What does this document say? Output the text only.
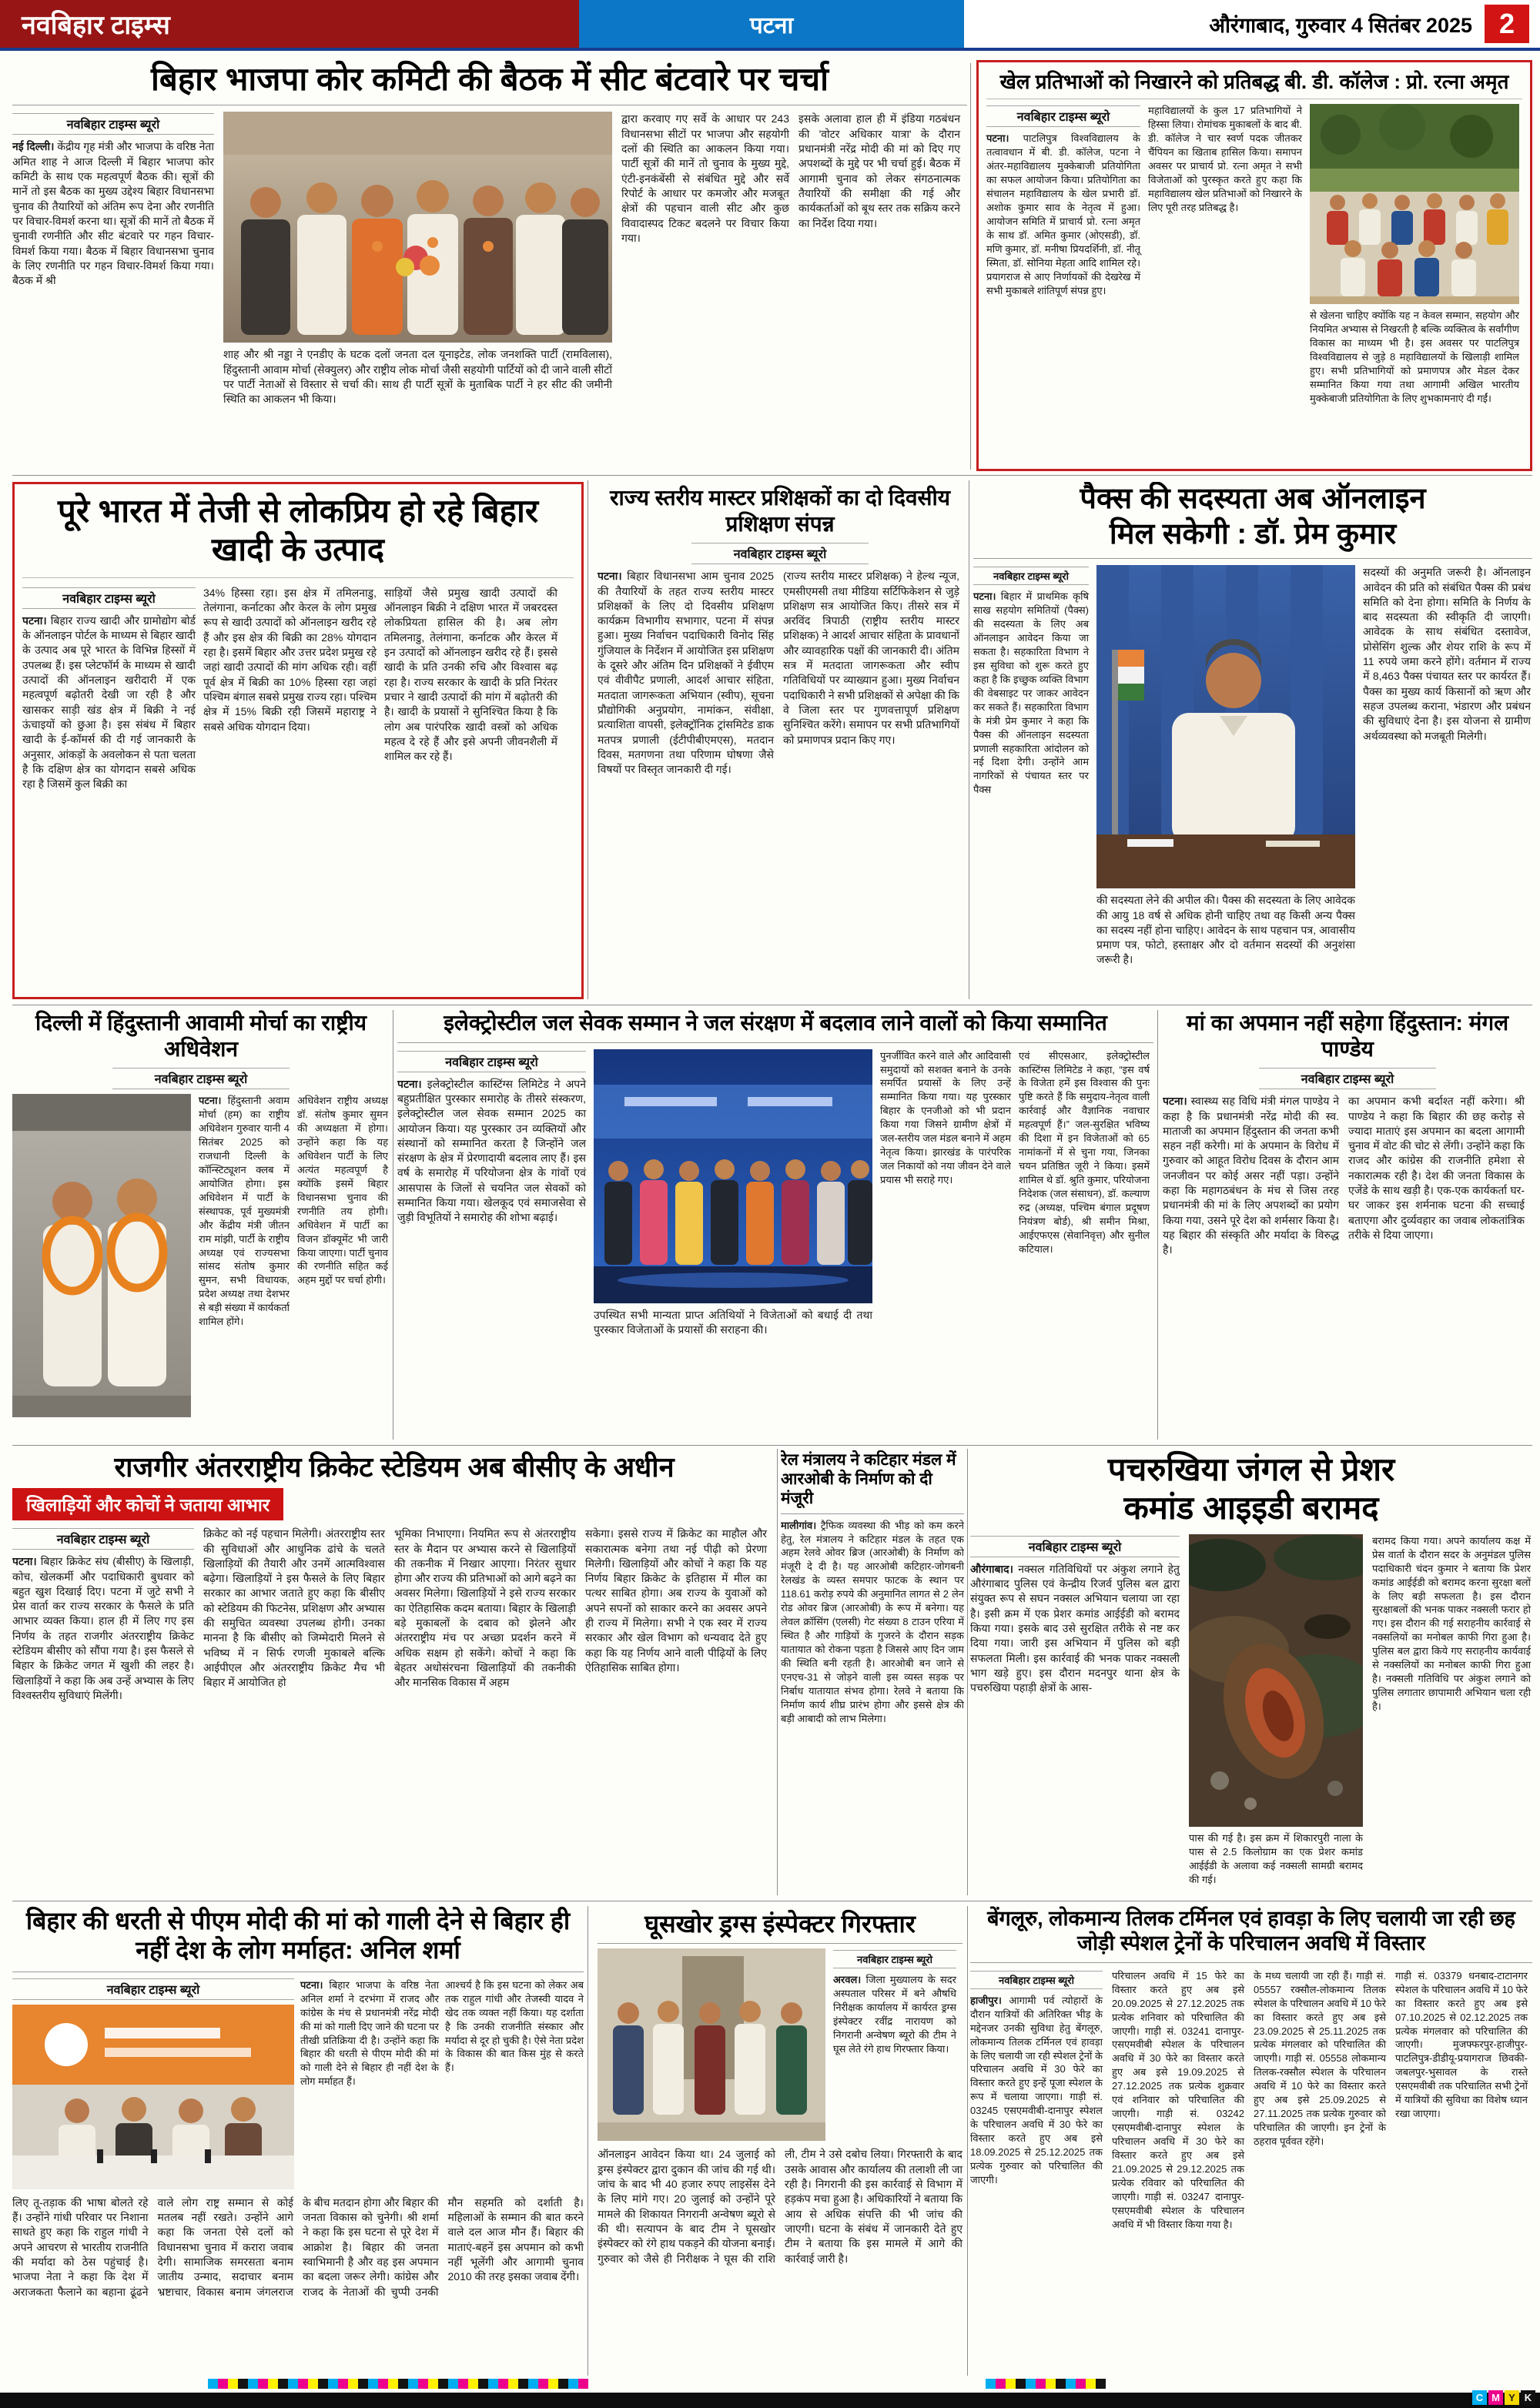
नवबिहार टाइम्स	पटना	औरंगाबाद, गुरुवार 4 सितंबर 2025 2
बिहार भाजपा कोर कमिटी की बैठक में सीट बंटवारे पर चर्चा
नवबिहार टाइम्स ब्यूरो
नई दिल्ली। केंद्रीय गृह मंत्री और भाजपा के वरिष्ठ नेता अमित शाह ने आज दिल्ली में बिहार भाजपा कोर कमिटी के साथ एक महत्वपूर्ण बैठक की। सूत्रों की मानें तो इस बैठक का मुख्य उद्देश्य बिहार विधानसभा चुनाव की तैयारियों को अंतिम रूप देना और रणनीति पर विचार-विमर्श करना था। सूत्रों की मानें तो बैठक में चुनावी रणनीति और सीट बंटवारे पर गहन विचार-विमर्श किया गया। बैठक में बिहार विधानसभा चुनाव के लिए रणनीति पर गहन विचार-विमर्श किया गया। बैठक में श्री
शाह और श्री नड्डा ने एनडीए के घटक दलों जनता दल यूनाइटेड, लोक जनशक्ति पार्टी (रामविलास), हिंदुस्तानी आवाम मोर्चा (सेक्युलर) और राष्ट्रीय लोक मोर्चा जैसी सहयोगी पार्टियों को दी जाने वाली सीटों पर पार्टी नेताओं से विस्तार से चर्चा की। साथ ही पार्टी सूत्रों के मुताबिक पार्टी ने हर सीट की जमीनी स्थिति का आकलन भी किया।
द्वारा करवाए गए सर्वे के आधार पर 243 विधानसभा सीटों पर भाजपा और सहयोगी दलों की स्थिति का आकलन किया गया। पार्टी सूत्रों की मानें तो चुनाव के मुख्य मुद्दे, एंटी-इनकंबेंसी से संबंधित मुद्दे और सर्वे रिपोर्ट के आधार पर कमजोर और मजबूत क्षेत्रों की पहचान वाली सीट और कुछ विवादास्पद टिकट बदलने पर विचार किया गया।
इसके अलावा हाल ही में इंडिया गठबंधन की 'वोटर अधिकार यात्रा' के दौरान प्रधानमंत्री नरेंद्र मोदी की मां को दिए गए अपशब्दों के मुद्दे पर भी चर्चा हुई। बैठक में आगामी चुनाव को लेकर संगठनात्मक तैयारियों की समीक्षा की गई और कार्यकर्ताओं को बूथ स्तर तक सक्रिय करने का निर्देश दिया गया।
खेल प्रतिभाओं को निखारने को प्रतिबद्ध बी. डी. कॉलेज : प्रो. रत्ना अमृत
नवबिहार टाइम्स ब्यूरो
पटना। पाटलिपुत्र विश्वविद्यालय के तत्वावधान में बी. डी. कॉलेज, पटना ने अंतर-महाविद्यालय मुक्केबाजी प्रतियोगिता का सफल आयोजन किया। प्रतियोगिता का संचालन महाविद्यालय के खेल प्रभारी डॉ. अशोक कुमार साव के नेतृत्व में हुआ। आयोजन समिति में प्राचार्य प्रो. रत्ना अमृत के साथ डॉ. अमित कुमार (ओएसडी), डॉ. मणि कुमार, डॉ. मनीषा प्रियदर्शिनी, डॉ. नीतू स्मिता, डॉ. सोनिया मेहता आदि शामिल रहे। प्रयागराज से आए निर्णायकों की देखरेख में सभी मुकाबले शांतिपूर्ण संपन्न हुए।
महाविद्यालयों के कुल 17 प्रतिभागियों ने हिस्सा लिया। रोमांचक मुकाबलों के बाद बी. डी. कॉलेज ने चार स्वर्ण पदक जीतकर चैंपियन का खिताब हासिल किया। समापन अवसर पर प्राचार्य प्रो. रत्ना अमृत ने सभी विजेताओं को पुरस्कृत करते हुए कहा कि महाविद्यालय खेल प्रतिभाओं को निखारने के लिए पूरी तरह प्रतिबद्ध है।
से खेलना चाहिए क्योंकि यह न केवल सम्मान, सहयोग और नियमित अभ्यास से निखरती है बल्कि व्यक्तित्व के सर्वांगीण विकास का माध्यम भी है। इस अवसर पर पाटलिपुत्र विश्वविद्यालय से जुड़े 8 महाविद्यालयों के खिलाड़ी शामिल हुए। सभी प्रतिभागियों को प्रमाणपत्र और मेडल देकर सम्मानित किया गया तथा आगामी अखिल भारतीय मुक्केबाजी प्रतियोगिता के लिए शुभकामनाएं दी गईं।
पूरे भारत में तेजी से लोकप्रिय हो रहे बिहार खादी के उत्पाद
नवबिहार टाइम्स ब्यूरो
पटना। बिहार राज्य खादी और ग्रामोद्योग बोर्ड के ऑनलाइन पोर्टल के माध्यम से बिहार खादी के उत्पाद अब पूरे भारत के विभिन्न हिस्सों में उपलब्ध हैं। इस प्लेटफॉर्म के माध्यम से खादी उत्पादों की ऑनलाइन खरीदारी में एक महत्वपूर्ण बढ़ोतरी देखी जा रही है और खासकर साड़ी खंड क्षेत्र में बिक्री ने नई ऊंचाइयों को छुआ है। इस संबंध में बिहार खादी के ई-कॉमर्स की दी गई जानकारी के अनुसार, आंकड़ों के अवलोकन से पता चलता है कि दक्षिण क्षेत्र का योगदान सबसे अधिक रहा है जिसमें कुल बिक्री का
34% हिस्सा रहा। इस क्षेत्र में तमिलनाडु, तेलंगाना, कर्नाटका और केरल के लोग प्रमुख रूप से खादी उत्पादों को ऑनलाइन खरीद रहे हैं और इस क्षेत्र की बिक्री का 28% योगदान रहा है। इसमें बिहार और उत्तर प्रदेश प्रमुख रहे जहां खादी उत्पादों की मांग अधिक रही। वहीं पूर्व क्षेत्र में बिक्री का 10% हिस्सा रहा जहां पश्चिम बंगाल सबसे प्रमुख राज्य रहा। पश्चिम क्षेत्र में 15% बिक्री रही जिसमें महाराष्ट्र ने सबसे अधिक योगदान दिया।
साड़ियों जैसे प्रमुख खादी उत्पादों की ऑनलाइन बिक्री ने दक्षिण भारत में जबरदस्त लोकप्रियता हासिल की है। अब लोग तमिलनाडु, तेलंगाना, कर्नाटक और केरल में इन उत्पादों को ऑनलाइन खरीद रहे हैं। इससे खादी के प्रति उनकी रुचि और विश्वास बढ़ रहा है। राज्य सरकार के खादी के प्रति निरंतर प्रचार ने खादी उत्पादों की मांग में बढ़ोतरी की है। खादी के प्रयासों ने सुनिश्चित किया है कि लोग अब पारंपरिक खादी वस्त्रों को अधिक महत्व दे रहे हैं और इसे अपनी जीवनशैली में शामिल कर रहे हैं।
राज्य स्तरीय मास्टर प्रशिक्षकों का दो दिवसीय प्रशिक्षण संपन्न
नवबिहार टाइम्स ब्यूरो
पटना। बिहार विधानसभा आम चुनाव 2025 की तैयारियों के तहत राज्य स्तरीय मास्टर प्रशिक्षकों के लिए दो दिवसीय प्रशिक्षण कार्यक्रम विभागीय सभागार, पटना में संपन्न हुआ। मुख्य निर्वाचन पदाधिकारी विनोद सिंह गुंजियाल के निर्देशन में आयोजित इस प्रशिक्षण के दूसरे और अंतिम दिन प्रशिक्षकों ने ईवीएम एवं वीवीपैट प्रणाली, आदर्श आचार संहिता, मतदाता जागरूकता अभियान (स्वीप), सूचना प्रौद्योगिकी अनुप्रयोग, नामांकन, संवीक्षा, प्रत्याशिता वापसी, इलेक्ट्रॉनिक ट्रांसमिटेड डाक मतपत्र प्रणाली (ईटीपीबीएमएस), मतदान दिवस, मतगणना तथा परिणाम घोषणा जैसे विषयों पर विस्तृत जानकारी दी गई।
(राज्य स्तरीय मास्टर प्रशिक्षक) ने हेल्थ न्यूज, एमसीएमसी तथा मीडिया सर्टिफिकेशन से जुड़े प्रशिक्षण सत्र आयोजित किए। तीसरे सत्र में अरविंद त्रिपाठी (राष्ट्रीय स्तरीय मास्टर प्रशिक्षक) ने आदर्श आचार संहिता के प्रावधानों और व्यावहारिक पक्षों की जानकारी दी। अंतिम सत्र में मतदाता जागरूकता और स्वीप गतिविधियों पर व्याख्यान हुआ। मुख्य निर्वाचन पदाधिकारी ने सभी प्रशिक्षकों से अपेक्षा की कि वे जिला स्तर पर गुणवत्तापूर्ण प्रशिक्षण सुनिश्चित करेंगे। समापन पर सभी प्रतिभागियों को प्रमाणपत्र प्रदान किए गए।
पैक्स की सदस्यता अब ऑनलाइन
मिल सकेगी : डॉ. प्रेम कुमार
नवबिहार टाइम्स ब्यूरो
पटना। बिहार में प्राथमिक कृषि साख सहयोग समितियों (पैक्स) की सदस्यता के लिए अब ऑनलाइन आवेदन किया जा सकता है। सहकारिता विभाग ने इस सुविधा को शुरू करते हुए कहा है कि इच्छुक व्यक्ति विभाग की वेबसाइट पर जाकर आवेदन कर सकते हैं। सहकारिता विभाग के मंत्री प्रेम कुमार ने कहा कि पैक्स की ऑनलाइन सदस्यता प्रणाली सहकारिता आंदोलन को नई दिशा देगी। उन्होंने आम नागरिकों से पंचायत स्तर पर पैक्स
की सदस्यता लेने की अपील की। पैक्स की सदस्यता के लिए आवेदक की आयु 18 वर्ष से अधिक होनी चाहिए तथा वह किसी अन्य पैक्स का सदस्य नहीं होना चाहिए। आवेदन के साथ पहचान पत्र, आवासीय प्रमाण पत्र, फोटो, हस्ताक्षर और दो वर्तमान सदस्यों की अनुशंसा जरूरी है।
सदस्यों की अनुमति जरूरी है। ऑनलाइन आवेदन की प्रति को संबंधित पैक्स की प्रबंध समिति को देना होगा। समिति के निर्णय के बाद सदस्यता की स्वीकृति दी जाएगी। आवेदक के साथ संबंधित दस्तावेज, प्रोसेसिंग शुल्क और शेयर राशि के रूप में 11 रुपये जमा करने होंगे। वर्तमान में राज्य में 8,463 पैक्स पंचायत स्तर पर कार्यरत हैं। पैक्स का मुख्य कार्य किसानों को ऋण और सहज उपलब्ध कराना, भंडारण और प्रबंधन की सुविधाएं देना है। इस योजना से ग्रामीण अर्थव्यवस्था को मजबूती मिलेगी।
दिल्ली में हिंदुस्तानी आवामी मोर्चा का राष्ट्रीय अधिवेशन
नवबिहार टाइम्स ब्यूरो
पटना। हिंदुस्तानी अवाम मोर्चा (हम) का राष्ट्रीय अधिवेशन गुरुवार यानी 4 सितंबर 2025 को राजधानी दिल्ली के कॉन्स्टिट्यूशन क्लब में आयोजित होगा। इस अधिवेशन में पार्टी के संस्थापक, पूर्व मुख्यमंत्री और केंद्रीय मंत्री जीतन राम मांझी, पार्टी के राष्ट्रीय अध्यक्ष एवं राज्यसभा सांसद संतोष कुमार सुमन, सभी विधायक, प्रदेश अध्यक्ष तथा देशभर से बड़ी संख्या में कार्यकर्ता शामिल होंगे।
अधिवेशन राष्ट्रीय अध्यक्ष डॉ. संतोष कुमार सुमन की अध्यक्षता में होगा। उन्होंने कहा कि यह अधिवेशन पार्टी के लिए अत्यंत महत्वपूर्ण है क्योंकि इसमें बिहार विधानसभा चुनाव की रणनीति तय होगी। अधिवेशन में पार्टी का विजन डॉक्यूमेंट भी जारी किया जाएगा। पार्टी चुनाव की रणनीति सहित कई अहम मुद्दों पर चर्चा होगी।
इलेक्ट्रोस्टील जल सेवक सम्मान ने जल संरक्षण में बदलाव लाने वालों को किया सम्मानित
नवबिहार टाइम्स ब्यूरो
पटना। इलेक्ट्रोस्टील कास्टिंग्स लिमिटेड ने अपने बहुप्रतीक्षित पुरस्कार समारोह के तीसरे संस्करण, इलेक्ट्रोस्टील जल सेवक सम्मान 2025 का आयोजन किया। यह पुरस्कार उन व्यक्तियों और संस्थानों को सम्मानित करता है जिन्होंने जल संरक्षण के क्षेत्र में प्रेरणादायी बदलाव लाए हैं। इस वर्ष के समारोह में परियोजना क्षेत्र के गांवों एवं आसपास के जिलों से चयनित जल सेवकों को सम्मानित किया गया। खेलकूद एवं समाजसेवा से जुड़ी विभूतियों ने समारोह की शोभा बढ़ाई।
उपस्थित सभी मान्यता प्राप्त अतिथियों ने विजेताओं को बधाई दी तथा पुरस्कार विजेताओं के प्रयासों की सराहना की।
पुनर्जीवित करने वाले और आदिवासी समुदायों को सशक्त बनाने के उनके समर्पित प्रयासों के लिए उन्हें सम्मानित किया गया। यह पुरस्कार बिहार के एनजीओ को भी प्रदान किया गया जिसने ग्रामीण क्षेत्रों में जल-स्तरीय जल मंडल बनाने में अहम नेतृत्व किया। झारखंड के पारंपरिक जल निकायों को नया जीवन देने वाले प्रयास भी सराहे गए।
एवं सीएसआर, इलेक्ट्रोस्टील कास्टिंग्स लिमिटेड ने कहा, “इस वर्ष के विजेता हमें इस विश्वास की पुनः पुष्टि करते हैं कि समुदाय-नेतृत्व वाली कार्रवाई और वैज्ञानिक नवाचार महत्वपूर्ण हैं।” जल-सुरक्षित भविष्य की दिशा में इन विजेताओं को 65 नामांकनों में से चुना गया, जिनका चयन प्रतिष्ठित जूरी ने किया। इसमें शामिल थे डॉ. श्रुति कुमार, परियोजना निदेशक (जल संसाधन), डॉ. कल्याण रुद्र (अध्यक्ष, पश्चिम बंगाल प्रदूषण नियंत्रण बोर्ड), श्री समीन मिश्रा, आईएफएस (सेवानिवृत्त) और सुनील कटियाल।
मां का अपमान नहीं सहेगा हिंदुस्तान: मंगल पाण्डेय
नवबिहार टाइम्स ब्यूरो
पटना। स्वास्थ्य सह विधि मंत्री मंगल पाण्डेय ने कहा है कि प्रधानमंत्री नरेंद्र मोदी की स्व. माताजी का अपमान हिंदुस्तान की जनता कभी सहन नहीं करेगी। मां के अपमान के विरोध में गुरुवार को आहूत विरोध दिवस के दौरान आम जनजीवन पर कोई असर नहीं पड़ा। उन्होंने कहा कि महागठबंधन के मंच से जिस तरह प्रधानमंत्री की मां के लिए अपशब्दों का प्रयोग किया गया, उसने पूरे देश को शर्मसार किया है। यह बिहार की संस्कृति और मर्यादा के विरुद्ध है।
का अपमान कभी बर्दाश्त नहीं करेगा। श्री पाण्डेय ने कहा कि बिहार की छह करोड़ से ज्यादा माताएं इस अपमान का बदला आगामी चुनाव में वोट की चोट से लेंगी। उन्होंने कहा कि राजद और कांग्रेस की राजनीति हमेशा से नकारात्मक रही है। देश की जनता विकास के एजेंडे के साथ खड़ी है। एक-एक कार्यकर्ता घर-घर जाकर इस शर्मनाक घटना की सच्चाई बताएगा और दुर्व्यवहार का जवाब लोकतांत्रिक तरीके से दिया जाएगा।
राजगीर अंतरराष्ट्रीय क्रिकेट स्टेडियम अब बीसीए के अधीन
खिलाड़ियों और कोचों ने जताया आभार
नवबिहार टाइम्स ब्यूरो
पटना। बिहार क्रिकेट संघ (बीसीए) के खिलाड़ी, कोच, खेलकर्मी और पदाधिकारी बुधवार को बहुत खुश दिखाई दिए। पटना में जुटे सभी ने प्रेस वार्ता कर राज्य सरकार के फैसले के प्रति आभार व्यक्त किया। हाल ही में लिए गए इस निर्णय के तहत राजगीर अंतरराष्ट्रीय क्रिकेट स्टेडियम बीसीए को सौंपा गया है। इस फैसले से बिहार के क्रिकेट जगत में खुशी की लहर है। खिलाड़ियों ने कहा कि अब उन्हें अभ्यास के लिए विश्वस्तरीय सुविधाएं मिलेंगी।
क्रिकेट को नई पहचान मिलेगी। अंतरराष्ट्रीय स्तर की सुविधाओं और आधुनिक ढांचे के चलते खिलाड़ियों की तैयारी और उनमें आत्मविश्वास बढ़ेगा। खिलाड़ियों ने इस फैसले के लिए बिहार सरकार का आभार जताते हुए कहा कि बीसीए को स्टेडियम की फिटनेस, प्रशिक्षण और अभ्यास की समुचित व्यवस्था उपलब्ध होगी। उनका मानना है कि बीसीए को जिम्मेदारी मिलने से भविष्य में न सिर्फ रणजी मुकाबले बल्कि आईपीएल और अंतरराष्ट्रीय क्रिकेट मैच भी बिहार में आयोजित हो
भूमिका निभाएगा। नियमित रूप से अंतरराष्ट्रीय स्तर के मैदान पर अभ्यास करने से खिलाड़ियों की तकनीक में निखार आएगा। निरंतर सुधार होगा और राज्य की प्रतिभाओं को आगे बढ़ने का अवसर मिलेगा। खिलाड़ियों ने इसे राज्य सरकार का ऐतिहासिक कदम बताया। बिहार के खिलाड़ी बड़े मुकाबलों के दबाव को झेलने और अंतरराष्ट्रीय मंच पर अच्छा प्रदर्शन करने में अधिक सक्षम हो सकेंगे। कोचों ने कहा कि बेहतर अधोसंरचना खिलाड़ियों की तकनीकी और मानसिक विकास में अहम
सकेगा। इससे राज्य में क्रिकेट का माहौल और सकारात्मक बनेगा तथा नई पीढ़ी को प्रेरणा मिलेगी। खिलाड़ियों और कोचों ने कहा कि यह निर्णय बिहार क्रिकेट के इतिहास में मील का पत्थर साबित होगा। अब राज्य के युवाओं को अपने सपनों को साकार करने का अवसर अपने ही राज्य में मिलेगा। सभी ने एक स्वर में राज्य सरकार और खेल विभाग को धन्यवाद देते हुए कहा कि यह निर्णय आने वाली पीढ़ियों के लिए ऐतिहासिक साबित होगा।
रेल मंत्रालय ने कटिहार मंडल में आरओबी के निर्माण को दी मंजूरी
मालीगांव। ट्रैफिक व्यवस्था की भीड़ को कम करने हेतु, रेल मंत्रालय ने कटिहार मंडल के तहत एक अहम रेलवे ओवर ब्रिज (आरओबी) के निर्माण को मंजूरी दे दी है। यह आरओबी कटिहार-जोगबनी रेलखंड के व्यस्त समपार फाटक के स्थान पर 118.61 करोड़ रुपये की अनुमानित लागत से 2 लेन रोड ओवर ब्रिज (आरओबी) के रूप में बनेगा। यह लेवल क्रॉसिंग (एलसी) गेट संख्या 8 टाउन एरिया में स्थित है और गाड़ियों के गुजरने के दौरान सड़क यातायात को रोकना पड़ता है जिससे आए दिन जाम की स्थिति बनी रहती है। आरओबी बन जाने से एनएच-31 से जोड़ने वाली इस व्यस्त सड़क पर निर्बाध यातायात संभव होगा। रेलवे ने बताया कि निर्माण कार्य शीघ्र प्रारंभ होगा और इससे क्षेत्र की बड़ी आबादी को लाभ मिलेगा।
पचरुखिया जंगल से प्रेशर
कमांड आइइडी बरामद
नवबिहार टाइम्स ब्यूरो
औरंगाबाद। नक्सल गतिविधियों पर अंकुश लगाने हेतु औरंगाबाद पुलिस एवं केन्द्रीय रिजर्व पुलिस बल द्वारा संयुक्त रूप से सघन नक्सल अभियान चलाया जा रहा है। इसी क्रम में एक प्रेशर कमांड आईईडी को बरामद किया गया। इसके बाद उसे सुरक्षित तरीके से नष्ट कर दिया गया। जारी इस अभियान में पुलिस को बड़ी सफलता मिली। इस कार्रवाई की भनक पाकर नक्सली भाग खड़े हुए। इस दौरान मदनपुर थाना क्षेत्र के पचरुखिया पहाड़ी क्षेत्रों के आस-
पास की गई है। इस क्रम में शिकारपुरी नाला के पास से 2.5 किलोग्राम का एक प्रेशर कमांड आईईडी के अलावा कई नक्सली सामग्री बरामद की गई।
बरामद किया गया। अपने कार्यालय कक्ष में प्रेस वार्ता के दौरान सदर के अनुमंडल पुलिस पदाधिकारी चंदन कुमार ने बताया कि प्रेशर कमांड आईईडी को बरामद करना सुरक्षा बलों के लिए बड़ी सफलता है। इस दौरान सुरक्षाबलों की भनक पाकर नक्सली फरार हो गए। इस दौरान की गई सराहनीय कार्रवाई से नक्सलियों का मनोबल काफी गिरा हुआ है। पुलिस बल द्वारा किये गए सराहनीय कार्यवाई से नक्सलियों का मनोबल काफी गिरा हुआ है। नक्सली गतिविधि पर अंकुश लगाने को पुलिस लगातार छापामारी अभियान चला रही है।
बिहार की धरती से पीएम मोदी की मां को गाली देने से बिहार ही नहीं देश के लोग मर्माहत: अनिल शर्मा
नवबिहार टाइम्स ब्यूरो	पटना। बिहार भाजपा के वरिष्ठ नेता अनिल शर्मा ने दरभंगा में राजद और कांग्रेस के मंच से प्रधानमंत्री नरेंद्र मोदी की मां को गाली दिए जाने की घटना पर तीखी प्रतिक्रिया दी है। उन्होंने कहा कि बिहार की धरती से पीएम मोदी की मां को गाली देने से बिहार ही नहीं देश के लोग मर्माहत हैं।
आश्चर्य है कि इस घटना को लेकर अब तक राहुल गांधी और तेजस्वी यादव ने खेद तक व्यक्त नहीं किया। यह दर्शाता है कि उनकी राजनीति संस्कार और मर्यादा से दूर हो चुकी है। ऐसे नेता प्रदेश के विकास की बात किस मुंह से करते हैं।
लिए तू-तड़ाक की भाषा बोलते रहे हैं। उन्होंने गांधी परिवार पर निशाना साधते हुए कहा कि राहुल गांधी ने अपने आचरण से भारतीय राजनीति की मर्यादा को ठेस पहुंचाई है। भाजपा नेता ने कहा कि देश में अराजकता फैलाने का बहाना ढूंढने वाले लोग राष्ट्र सम्मान से कोई मतलब नहीं रखते। उन्होंने आगे कहा कि जनता ऐसे दलों को विधानसभा चुनाव में करारा जवाब देगी। सामाजिक समरसता बनाम जातीय उन्माद, सदाचार बनाम भ्रष्टाचार, विकास बनाम जंगलराज के बीच मतदान होगा और बिहार की जनता विकास को चुनेगी। श्री शर्मा ने कहा कि इस घटना से पूरे देश में आक्रोश है। बिहार की जनता स्वाभिमानी है और वह इस अपमान का बदला जरूर लेगी। कांग्रेस और राजद के नेताओं की चुप्पी उनकी मौन सहमति को दर्शाती है। महिलाओं के सम्मान की बात करने वाले दल आज मौन हैं। बिहार की माताएं-बहनें इस अपमान को कभी नहीं भूलेंगी और आगामी चुनाव 2010 की तरह इसका जवाब देंगी।
घूसखोर ड्रग्स इंस्पेक्टर गिरफ्तार
नवबिहार टाइम्स ब्यूरो
अरवल। जिला मुख्यालय के सदर अस्पताल परिसर में बने औषधि निरीक्षक कार्यालय में कार्यरत ड्रग्स इंस्पेक्टर रवींद्र नारायण को निगरानी अन्वेषण ब्यूरो की टीम ने घूस लेते रंगे हाथ गिरफ्तार किया।
ऑनलाइन आवेदन किया था। 24 जुलाई को ड्रग्स इंस्पेक्टर द्वारा दुकान की जांच की गई थी। जांच के बाद भी 40 हजार रुपए लाइसेंस देने के लिए मांगे गए। 20 जुलाई को उन्होंने पूरे मामले की शिकायत निगरानी अन्वेषण ब्यूरो से की थी। सत्यापन के बाद टीम ने घूसखोर इंस्पेक्टर को रंगे हाथ पकड़ने की योजना बनाई। गुरुवार को जैसे ही निरीक्षक ने घूस की राशि ली, टीम ने उसे दबोच लिया। गिरफ्तारी के बाद उसके आवास और कार्यालय की तलाशी ली जा रही है। निगरानी की इस कार्रवाई से विभाग में हड़कंप मचा हुआ है। अधिकारियों ने बताया कि आय से अधिक संपत्ति की भी जांच की जाएगी। घटना के संबंध में जानकारी देते हुए टीम ने बताया कि इस मामले में आगे की कार्रवाई जारी है।
बेंगलूरु, लोकमान्य तिलक टर्मिनल एवं हावड़ा के लिए चलायी जा रही छह जोड़ी स्पेशल ट्रेनों के परिचालन अवधि में विस्तार
नवबिहार टाइम्स ब्यूरो
हाजीपुर। आगामी पर्व त्योहारों के दौरान यात्रियों की अतिरिक्त भीड़ के मद्देनजर उनकी सुविधा हेतु बेंगलूरु, लोकमान्य तिलक टर्मिनल एवं हावड़ा के लिए चलायी जा रही स्पेशल ट्रेनों के परिचालन अवधि में 30 फेरे का विस्तार करते हुए इन्हें पूजा स्पेशल के रूप में चलाया जाएगा। गाड़ी सं. 03245 एसएमवीबी-दानापुर स्पेशल के परिचालन अवधि में 30 फेरे का विस्तार करते हुए अब इसे 18.09.2025 से 25.12.2025 तक प्रत्येक गुरुवार को परिचालित की जाएगी।
परिचालन अवधि में 15 फेरे का विस्तार करते हुए अब इसे 20.09.2025 से 27.12.2025 तक प्रत्येक शनिवार को परिचालित की जाएगी। गाड़ी सं. 03241 दानापुर-एसएमवीबी स्पेशल के परिचालन अवधि में 30 फेरे का विस्तार करते हुए अब इसे 19.09.2025 से 27.12.2025 तक प्रत्येक शुक्रवार एवं शनिवार को परिचालित की जाएगी। गाड़ी सं. 03242 एसएमवीबी-दानापुर स्पेशल के परिचालन अवधि में 30 फेरे का विस्तार करते हुए अब इसे 21.09.2025 से 29.12.2025 तक प्रत्येक रविवार को परिचालित की जाएगी। गाड़ी सं. 03247 दानापुर-एसएमवीबी स्पेशल के परिचालन अवधि में भी विस्तार किया गया है।
के मध्य चलायी जा रही हैं। गाड़ी सं. 05557 रक्सौल-लोकमान्य तिलक स्पेशल के परिचालन अवधि में 10 फेरे का विस्तार करते हुए अब इसे 23.09.2025 से 25.11.2025 तक प्रत्येक मंगलवार को परिचालित की जाएगी। गाड़ी सं. 05558 लोकमान्य तिलक-रक्सौल स्पेशल के परिचालन अवधि में 10 फेरे का विस्तार करते हुए अब इसे 25.09.2025 से 27.11.2025 तक प्रत्येक गुरुवार को परिचालित की जाएगी। इन ट्रेनों के ठहराव पूर्ववत रहेंगे।
गाड़ी सं. 03379 धनबाद-टाटानगर स्पेशल के परिचालन अवधि में 10 फेरे का विस्तार करते हुए अब इसे 07.10.2025 से 02.12.2025 तक प्रत्येक मंगलवार को परिचालित की जाएगी। मुजफ्फरपुर-हाजीपुर-पाटलिपुत्र-डीडीयू-प्रयागराज छिवकी-जबलपुर-भुसावल के रास्ते एसएमवीबी तक परिचालित सभी ट्रेनों में यात्रियों की सुविधा का विशेष ध्यान रखा जाएगा।
C M Y K
